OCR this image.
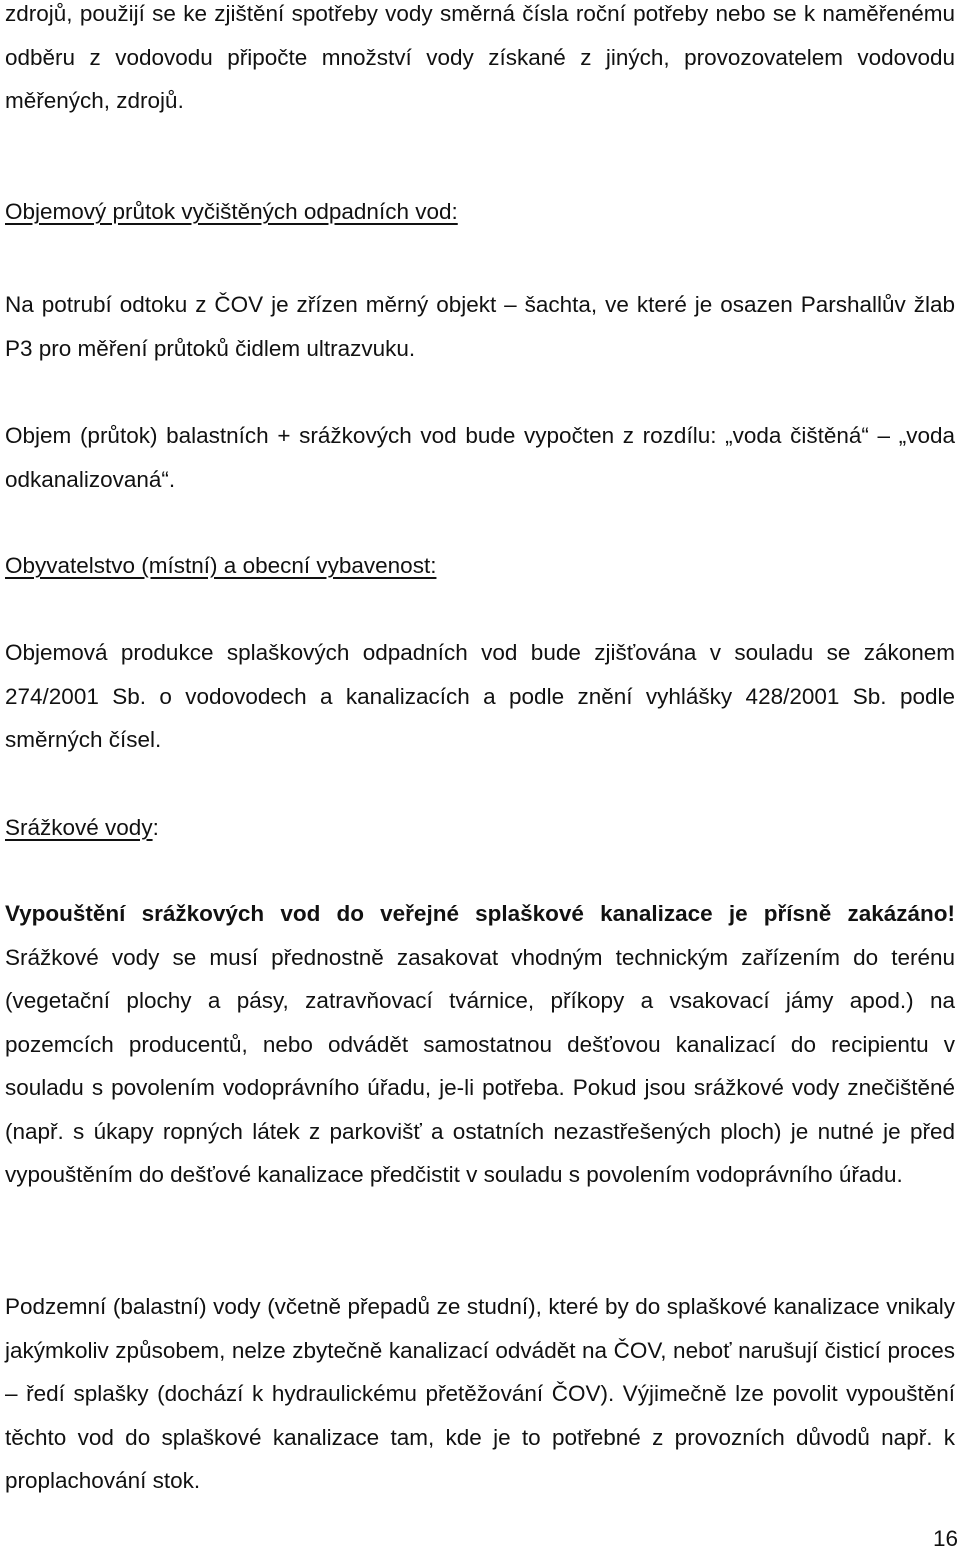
zdrojů, použijí se ke zjištění spotřeby vody směrná čísla roční potřeby nebo se k naměřenému odběru z vodovodu připočte množství vody získané z jiných, provozovatelem vodovodu měřených, zdrojů.

Objemový průtok vyčištěných odpadních vod:

Na potrubí odtoku z ČOV je zřízen měrný objekt – šachta, ve které je osazen Parshallův žlab P3 pro měření průtoků čidlem ultrazvuku.

Objem (průtok) balastních + srážkových vod bude vypočten z rozdílu: „voda čištěná“ – „voda odkanalizovaná“.

Obyvatelstvo (místní) a obecní vybavenost:

Objemová produkce splaškových odpadních vod bude zjišťována v souladu se zákonem 274/2001 Sb. o vodovodech a kanalizacích a podle znění vyhlášky 428/2001 Sb. podle směrných čísel.

Srážkové vody:

Vypouštění srážkových vod do veřejné splaškové kanalizace je přísně zakázáno! Srážkové vody se musí přednostně zasakovat vhodným technickým zařízením do terénu (vegetační plochy a pásy, zatravňovací tvárnice, příkopy a vsakovací jámy apod.) na pozemcích producentů, nebo odvádět samostatnou dešťovou kanalizací do recipientu v souladu s povolením vodoprávního úřadu, je-li potřeba. Pokud jsou srážkové vody znečištěné (např. s úkapy ropných látek z parkovišť a ostatních nezastřešených ploch) je nutné je před vypouštěním do dešťové kanalizace předčistit v souladu s povolením vodoprávního úřadu.

Podzemní (balastní) vody (včetně přepadů ze studní), které by do splaškové kanalizace vnikaly jakýmkoliv způsobem, nelze zbytečně kanalizací odvádět na ČOV, neboť narušují čisticí proces – ředí splašky (dochází k hydraulickému přetěžování ČOV). Výjimečně lze povolit vypouštění těchto vod do splaškové kanalizace tam, kde je to potřebné z provozních důvodů např. k proplachování stok.

16
